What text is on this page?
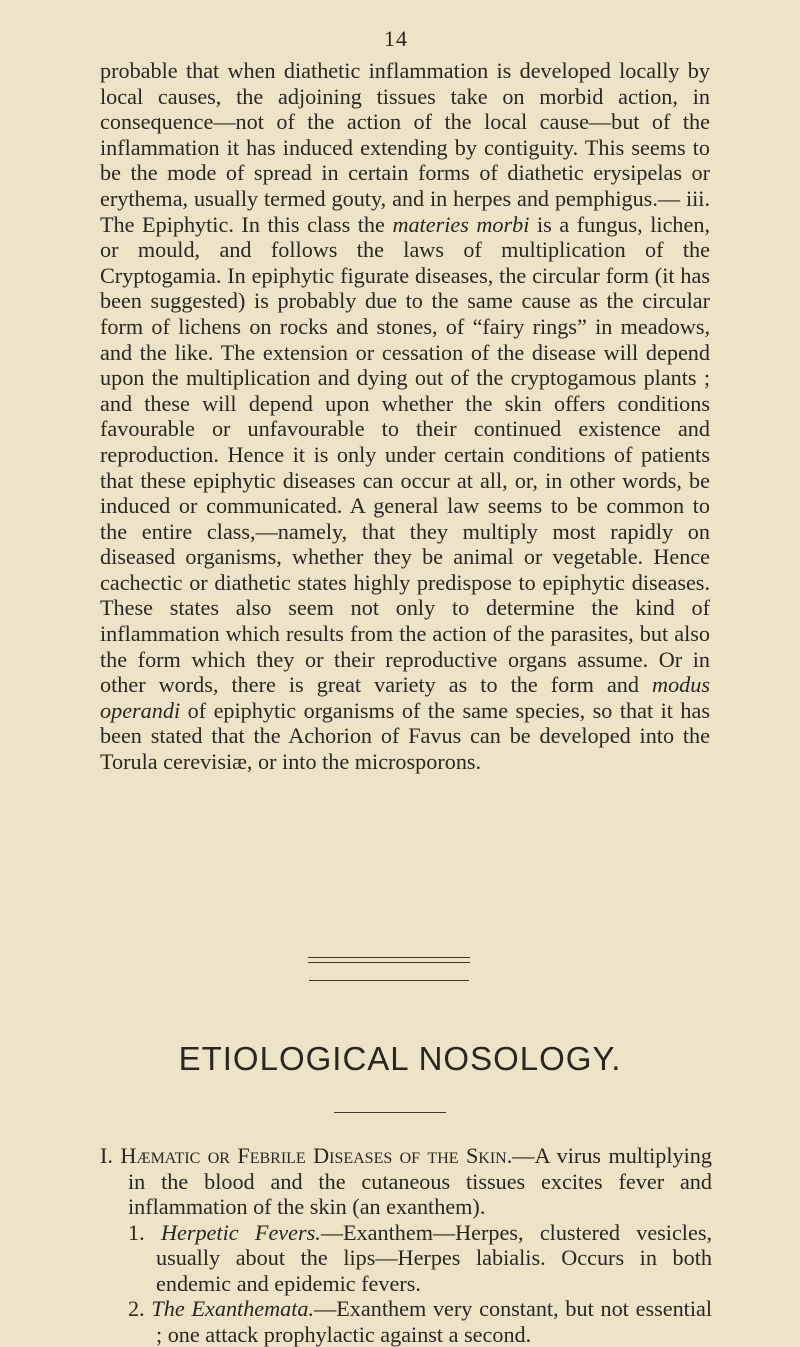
14

probable that when diathetic inflammation is developed locally by local causes, the adjoining tissues take on morbid action, in consequence—not of the action of the local cause—but of the inflammation it has induced extending by contiguity. This seems to be the mode of spread in certain forms of diathetic erysipelas or erythema, usually termed gouty, and in herpes and pemphigus.— iii. The Epiphytic. In this class the materies morbi is a fungus, lichen, or mould, and follows the laws of multiplication of the Cryptogamia. In epiphytic figurate diseases, the circular form (it has been suggested) is probably due to the same cause as the circular form of lichens on rocks and stones, of “fairy rings” in meadows, and the like. The extension or cessation of the disease will depend upon the multiplication and dying out of the cryptogamous plants ; and these will depend upon whether the skin offers conditions favourable or unfavourable to their continued existence and reproduction. Hence it is only under certain conditions of patients that these epiphytic diseases can occur at all, or, in other words, be induced or communicated. A general law seems to be common to the entire class,—namely, that they multiply most rapidly on diseased organisms, whether they be animal or vegetable. Hence cachectic or diathetic states highly predispose to epiphytic diseases. These states also seem not only to determine the kind of inflammation which results from the action of the parasites, but also the form which they or their reproductive organs assume. Or in other words, there is great variety as to the form and modus operandi of epiphytic organisms of the same species, so that it has been stated that the Achorion of Favus can be developed into the Torula cerevisiæ, or into the microsporons.

ETIOLOGICAL NOSOLOGY.

I. Hæmatic or Febrile Diseases of the Skin.—A virus multiplying in the blood and the cutaneous tissues excites fever and inflammation of the skin (an exanthem).

1. Herpetic Fevers.—Exanthem—Herpes, clustered vesicles, usually about the lips—Herpes labialis. Occurs in both endemic and epidemic fevers.

2. The Exanthemata.—Exanthem very constant, but not essential ; one attack prophylactic against a second.
